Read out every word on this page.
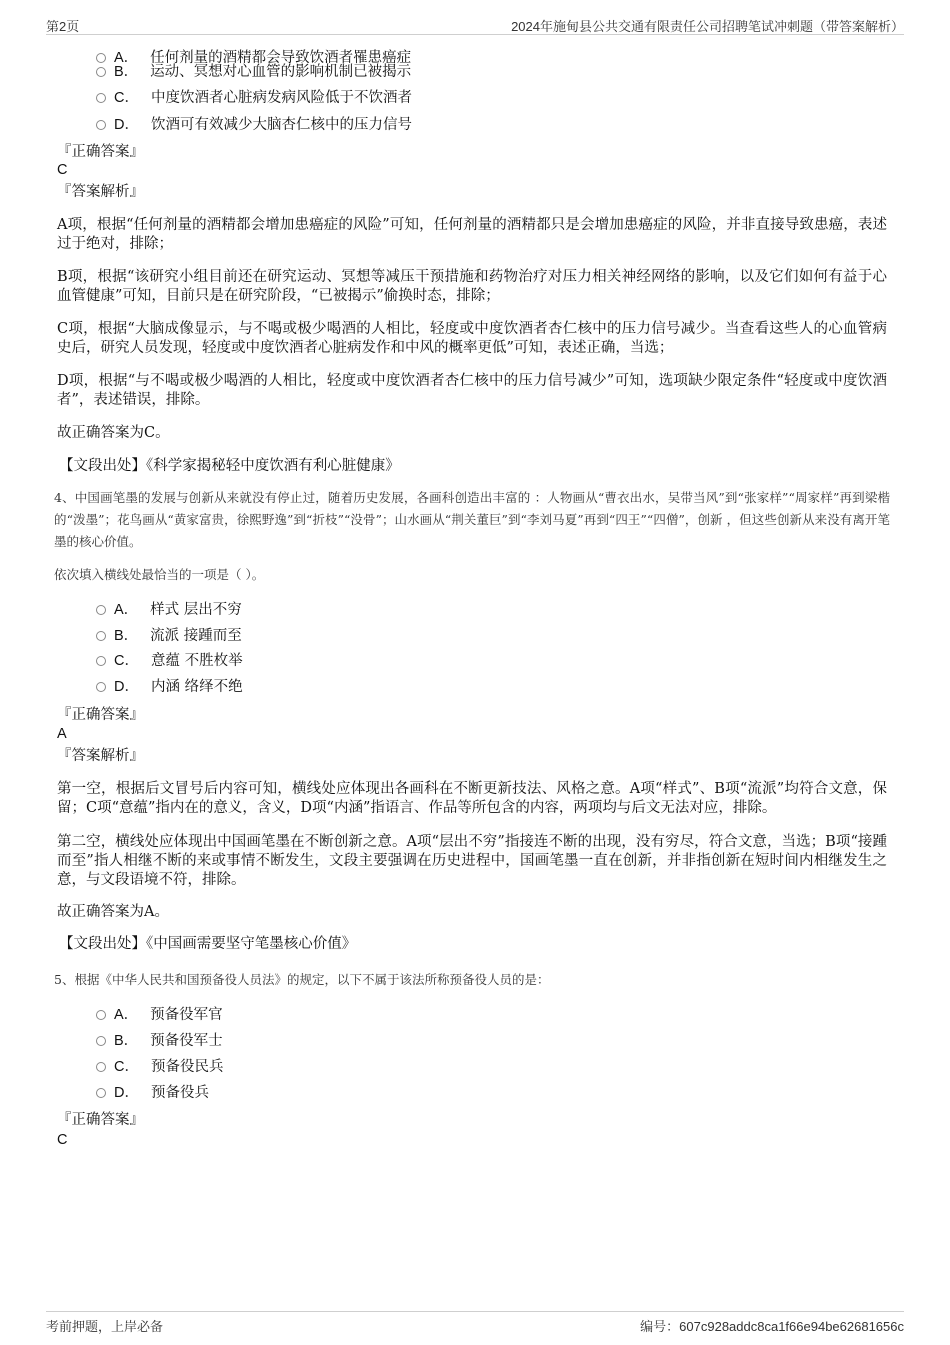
第2页	2024年施甸县公共交通有限责任公司招聘笔试冲刺题（带答案解析）
A． 任何剂量的酒精都会导致饮酒者罹患癌症
B． 运动、冥想对心血管的影响机制已被揭示
C． 中度饮酒者心脏病发病风险低于不饮酒者
D． 饮酒可有效减少大脑杏仁核中的压力信号
『正确答案』
C
『答案解析』
A项，根据“任何剂量的酒精都会增加患癌症的风险”可知，任何剂量的酒精都只是会增加患癌症的风险，并非直接导致患癌，表述过于绝对，排除；
B项，根据“该研究小组目前还在研究运动、冥想等减压干预措施和药物治疗对压力相关神经网络的影响，以及它们如何有益于心血管健康”可知，目前只是在研究阶段，“已被揭示”偷换时态，排除；
C项，根据“大脑成像显示，与不喝或极少喝酒的人相比，轻度或中度饮酒者杏仁核中的压力信号减少。当查看这些人的心血管病史后，研究人员发现，轻度或中度饮酒者心脏病发作和中风的概率更低”可知，表述正确，当选；
D项，根据“与不喝或极少喝酒的人相比，轻度或中度饮酒者杏仁核中的压力信号减少”可知，选项缺少限定条件“轻度或中度饮酒者”，表述错误，排除。
故正确答案为C。
【文段出处】《科学家揭秘轻中度饮酒有利心脏健康》
4、中国画笔墨的发展与创新从来就没有停止过，随着历史发展，各画科创造出丰富的 ：人物画从“曹衣出水，吴带当风”到“张家样”“周家样”再到梁楷的“泼墨”；花鸟画从“黄家富贵，徐熙野逸”到“折枝”“没骨”；山水画从“荆关董巨”到“李刘马夏”再到“四王”“四僧”，创新 ，但这些创新从来没有离开笔墨的核心价值。
依次填入横线处最恰当的一项是（ ）。
A． 样式 层出不穷
B． 流派 接踵而至
C． 意蕴 不胜枚举
D． 内涵 络绎不绝
『正确答案』
A
『答案解析』
第一空，根据后文冒号后内容可知，横线处应体现出各画科在不断更新技法、风格之意。A项“样式”、B项“流派”均符合文意，保留；C项“意蕴”指内在的意义，含义，D项“内涵”指语言、作品等所包含的内容，两项均与后文无法对应，排除。
第二空，横线处应体现出中国画笔墨在不断创新之意。A项“层出不穷”指接连不断的出现，没有穷尽，符合文意，当选；B项“接踵而至”指人相继不断的来或事情不断发生，文段主要强调在历史进程中，国画笔墨一直在创新，并非指创新在短时间内相继发生之意，与文段语境不符，排除。
故正确答案为A。
【文段出处】《中国画需要坚守笔墨核心价值》
5、根据《中华人民共和国预备役人员法》的规定，以下不属于该法所称预备役人员的是：
A． 预备役军官
B． 预备役军士
C． 预备役民兵
D． 预备役兵
『正确答案』
C
考前押题，上岸必备	编号：607c928addc8ca1f66e94be62681656c
